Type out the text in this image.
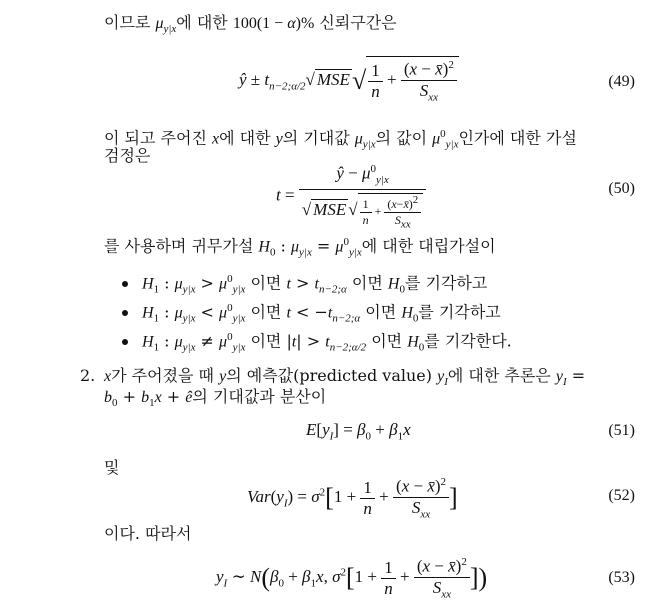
이므로 $\mu_{y|x}$에 대한 100(1 − α)% 신뢰구간은
ŷ ± $t_{n-2;\alpha/2}√$ $MSE√ \frac{1}{n} + \frac{(x - x̄)^2}{S_{xx}}$	(49)
이 되고 주어진 x에 대한 y의 기대값 $\mu_{y|x}$의 값이 $\mu^0_{y|x}$인가에 대한 가설
검정은
$t = \frac{ŷ - \mu^0_{y|x}}{√ MSE √ \frac{1}{n} + \frac{(x-x̄)^2}{S_{xx}}}$	(50)
를 사용하며 귀무가설 $H_0$ : $\mu_{y|x} = \mu^0_{y|x}$에 대한 대립가설이
$H_1$ : $\mu_{y|x} > \mu^0_{y|x}$ 이면 $t > t_{n-2;\alpha}$ 이면 $H_0$를 기각하고
$H_1$ : $\mu_{y|x} < \mu^0_{y|x}$ 이면 $t < -t_{n-2;\alpha}$ 이면 $H_0$를 기각하고
$H_1$ : $\mu_{y|x} \ne \mu^0_{y|x}$ 이면 $|t| > t_{n-2;\alpha/2}$ 이면 $H_0$를 기각한다.
2. x가 주어졌을 때 y의 예측값(predicted value) $y_I$에 대한 추론은 $y_I$ =
$b_0 + b_1x$ + ê의 기대값과 분산이
$E[y_I] = \beta_0 + \beta_1x$	(51)
및
$Var(y_I) = \sigma^2[1 + \frac{1}{n} + \frac{(x - x̄)^2}{S_{xx}}$ ]	(52)
이다. 따라서
$y_I$ ∼ $N(\beta_0 + \beta_1x$, $\sigma^2[1 + \frac{1}{n} + \frac{(x - x̄)^2}{S_{xx}}$ ])	(53)
